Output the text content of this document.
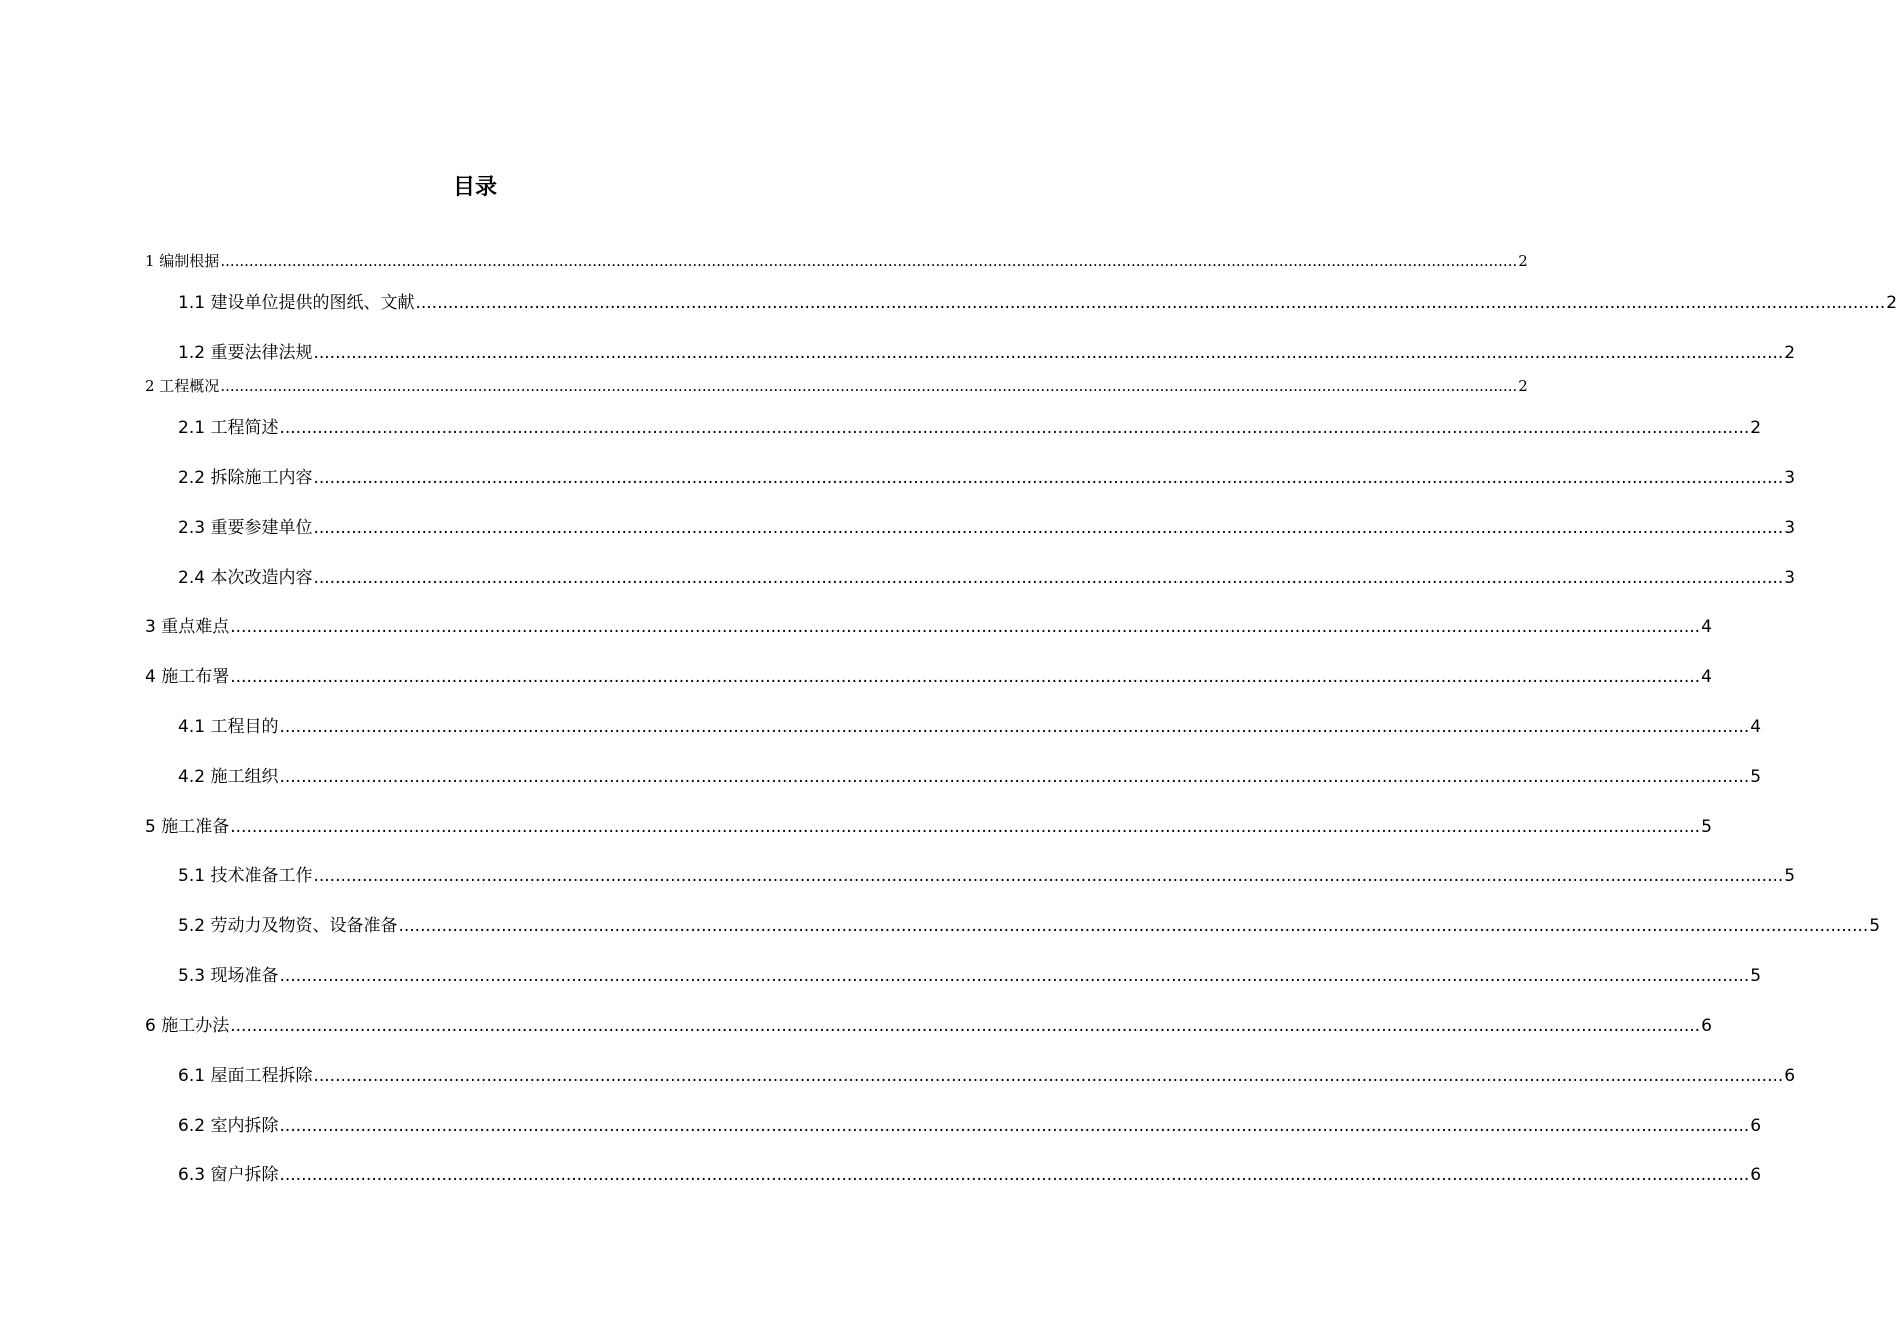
目录
1 编制根据 ................................................................................................................................................................................................................................................................................ 2
1.1 建设单位提供的图纸、文献 ................................................................................................................................................................................................................................................................................ 2
1.2 重要法律法规 ................................................................................................................................................................................................................................................................................ 2
2 工程概况 ................................................................................................................................................................................................................................................................................ 2
2.1 工程简述 ................................................................................................................................................................................................................................................................................ 2
2.2 拆除施工内容 ................................................................................................................................................................................................................................................................................ 3
2.3 重要参建单位 ................................................................................................................................................................................................................................................................................ 3
2.4 本次改造内容 ................................................................................................................................................................................................................................................................................ 3
3 重点难点 ................................................................................................................................................................................................................................................................................ 4
4 施工布署 ................................................................................................................................................................................................................................................................................ 4
4.1 工程目的 ................................................................................................................................................................................................................................................................................ 4
4.2 施工组织 ................................................................................................................................................................................................................................................................................ 5
5 施工准备 ................................................................................................................................................................................................................................................................................ 5
5.1 技术准备工作 ................................................................................................................................................................................................................................................................................ 5
5.2 劳动力及物资、设备准备 ................................................................................................................................................................................................................................................................................ 5
5.3 现场准备 ................................................................................................................................................................................................................................................................................ 5
6 施工办法 ................................................................................................................................................................................................................................................................................ 6
6.1 屋面工程拆除 ................................................................................................................................................................................................................................................................................ 6
6.2 室内拆除 ................................................................................................................................................................................................................................................................................ 6
6.3 窗户拆除 ................................................................................................................................................................................................................................................................................ 6
